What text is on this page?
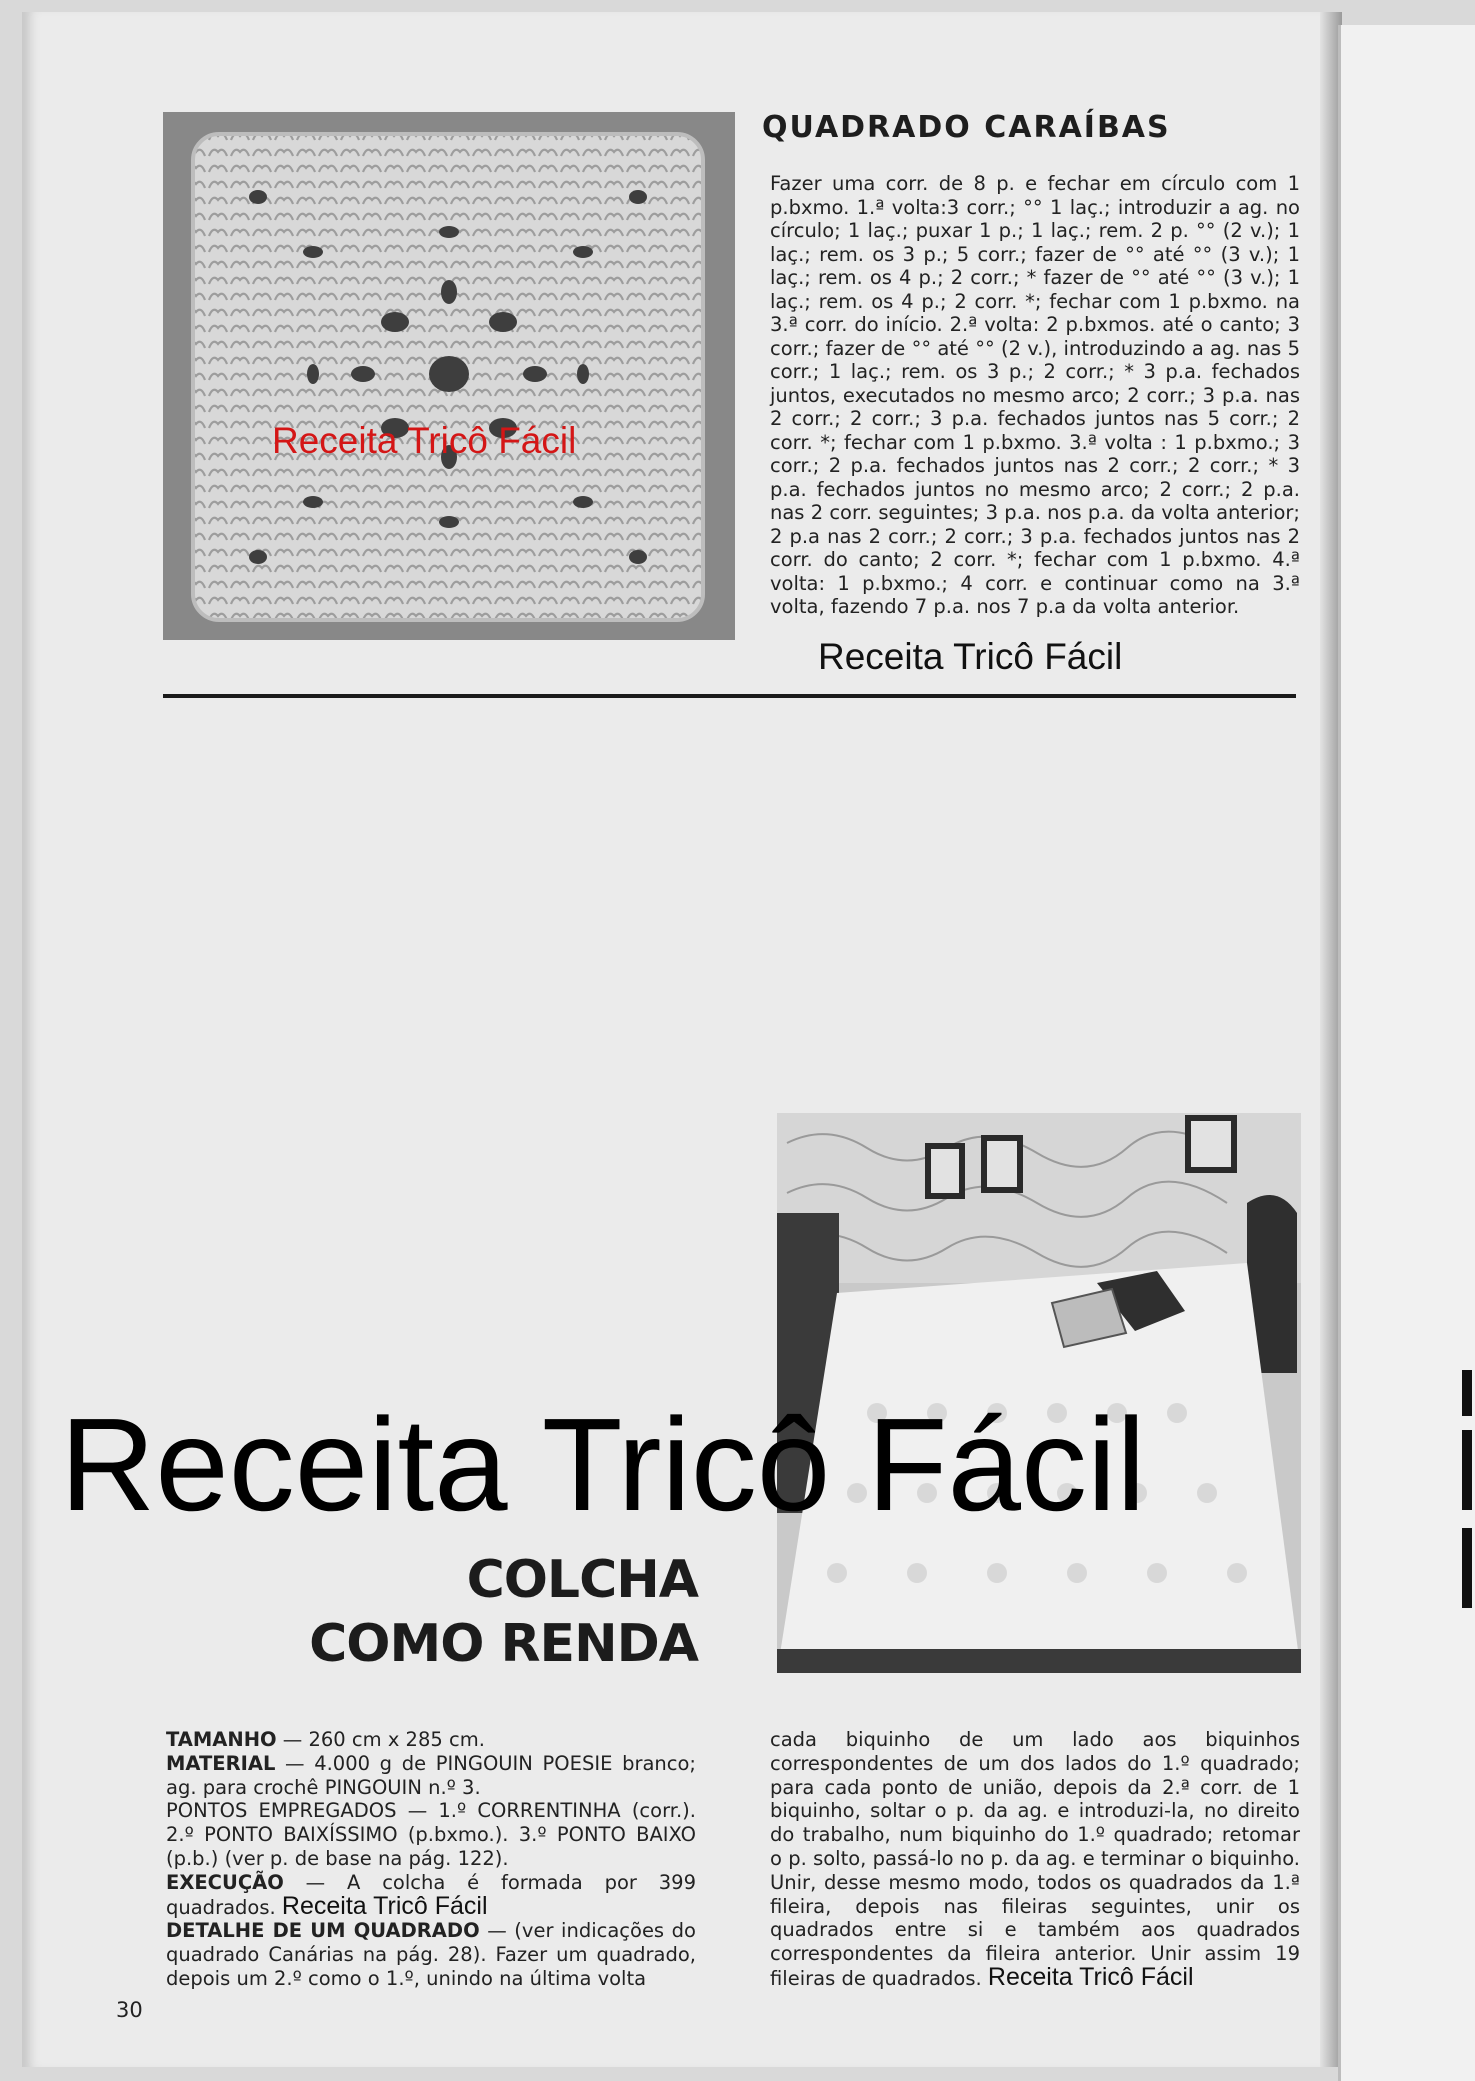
Receita Tricô Fácil
QUADRADO CARAÍBAS
Fazer uma corr. de 8 p. e fechar em círculo com 1 p.bxmo. 1.ª volta:3 corr.; °° 1 laç.; introduzir a ag. no círculo; 1 laç.; puxar 1 p.; 1 laç.; rem. 2 p. °° (2 v.); 1 laç.; rem. os 3 p.; 5 corr.; fazer de °° até °° (3 v.); 1 laç.; rem. os 4 p.; 2 corr.; * fazer de °° até °° (3 v.); 1 laç.; rem. os 4 p.; 2 corr. *; fechar com 1 p.bxmo. na 3.ª corr. do início. 2.ª volta: 2 p.bxmos. até o canto; 3 corr.; fazer de °° até °° (2 v.), introduzindo a ag. nas 5 corr.; 1 laç.; rem. os 3 p.; 2 corr.; * 3 p.a. fechados juntos, executados no mesmo arco; 2 corr.; 3 p.a. nas 2 corr.; 2 corr.; 3 p.a. fechados juntos nas 5 corr.; 2 corr. *; fechar com 1 p.bxmo. 3.ª volta : 1 p.bxmo.; 3 corr.; 2 p.a. fechados juntos nas 2 corr.; 2 corr.; * 3 p.a. fechados juntos no mesmo arco; 2 corr.; 2 p.a. nas 2 corr. seguintes; 3 p.a. nos p.a. da volta anterior; 2 p.a nas 2 corr.; 2 corr.; 3 p.a. fechados juntos nas 2 corr. do canto; 2 corr. *; fechar com 1 p.bxmo. 4.ª volta: 1 p.bxmo.; 4 corr. e continuar como na 3.ª volta, fazendo 7 p.a. nos 7 p.a da volta anterior.
Receita Tricô Fácil
Receita Tricô Fácil
COLCHA
COMO RENDA

TAMANHO — 260 cm x 285 cm.

MATERIAL — 4.000 g de PINGOUIN POESIE branco; ag. para crochê PINGOUIN n.º 3.

PONTOS EMPREGADOS — 1.º CORRENTINHA (corr.). 2.º PONTO BAIXÍSSIMO (p.bxmo.). 3.º PONTO BAIXO (p.b.) (ver p. de base na pág. 122).

EXECUÇÃO — A colcha é formada por 399 quadrados. Receita Tricô Fácil

DETALHE DE UM QUADRADO — (ver indicações do quadrado Canárias na pág. 28). Fazer um quadrado, depois um 2.º como o 1.º, unindo na última volta

cada biquinho de um lado aos biquinhos correspondentes de um dos lados do 1.º quadrado; para cada ponto de união, depois da 2.ª corr. de 1 biquinho, soltar o p. da ag. e introduzi-la, no direito do trabalho, num biquinho do 1.º quadrado; retomar o p. solto, passá-lo no p. da ag. e terminar o biquinho. Unir, desse mesmo modo, todos os quadrados da 1.ª fileira, depois nas fileiras seguintes, unir os quadrados entre si e também aos quadrados correspondentes da fileira anterior. Unir assim 19 fileiras de quadrados. Receita Tricô Fácil

30
